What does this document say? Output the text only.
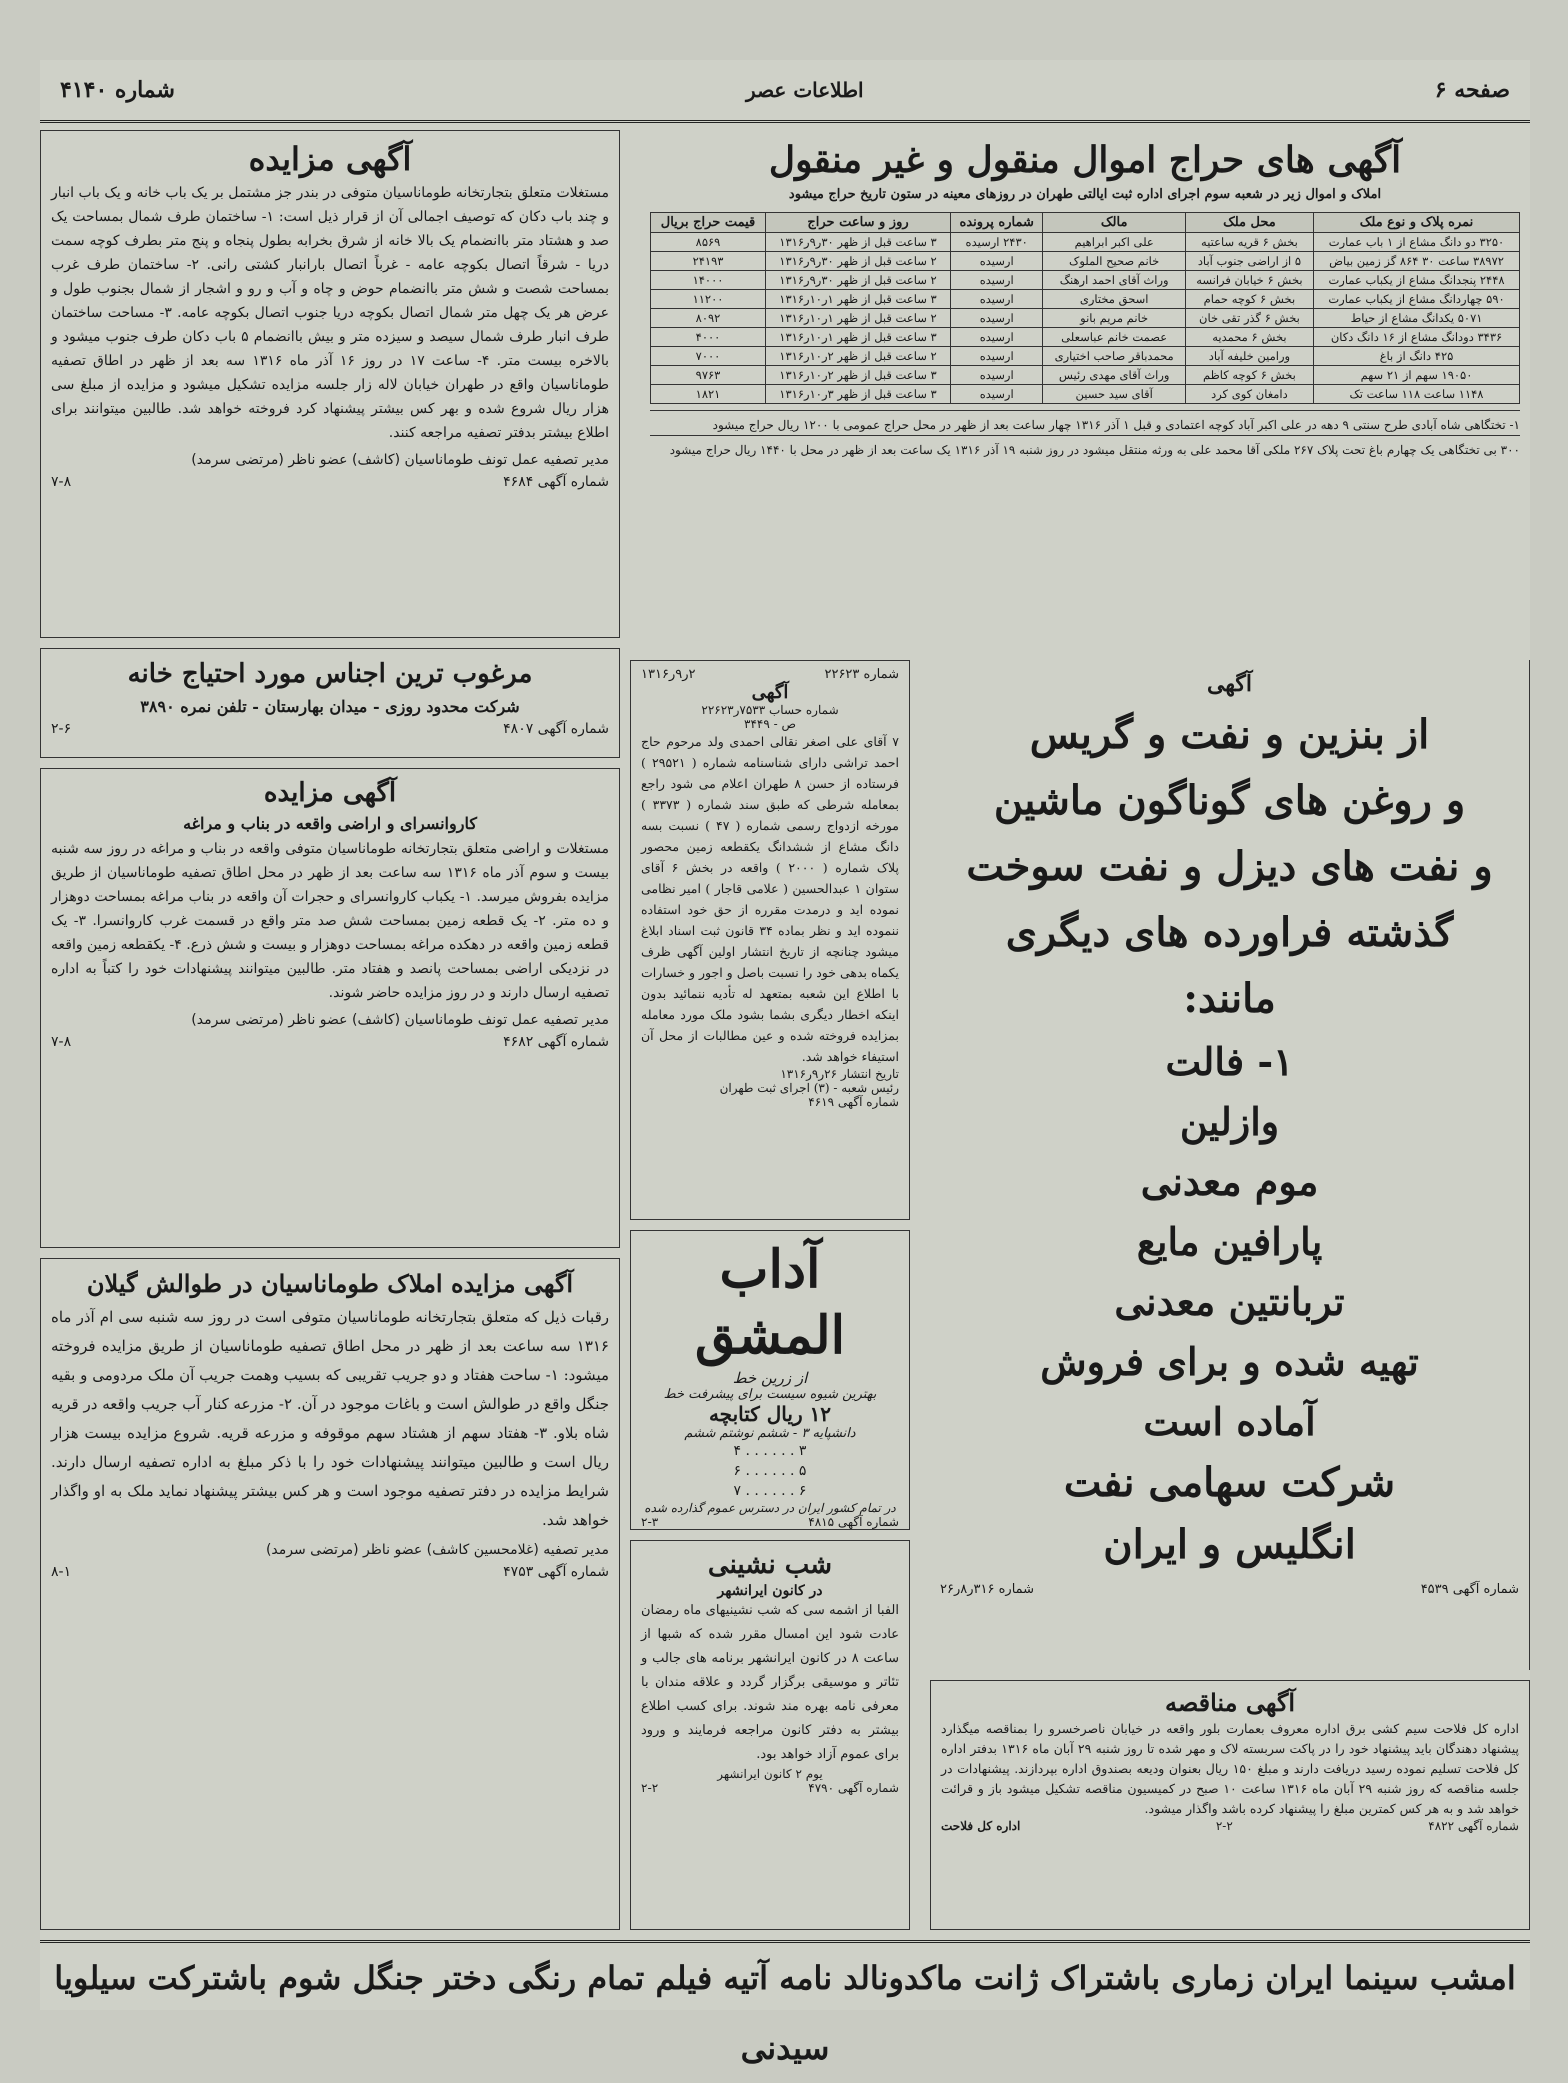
صفحه ۶
اطلاعات عصر
شماره ۴۱۴۰
آگهی های حراج اموال منقول و غیر منقول
املاک و اموال زیر در شعبه سوم اجرای اداره ثبت ایالتی طهران در روزهای معینه در ستون تاریخ حراج میشود
نمره پلاک و نوع ملک	محل ملک	مالک	شماره پرونده	روز و ساعت حراج	قیمت حراج بریال
۳۲۵۰ دو دانگ مشاع از ۱ باب عمارت	بخش ۶ قریه ساعتیه	علی اکبر ابراهیم	۲۴۳۰ ارسیده	۳ ساعت قبل از ظهر ۳۰ر۹ر۱۳۱۶	۸۵۶۹
۳۸۹۷۲ ساعت ۳۰ ۸۶۴ گز زمین بیاض	۵ از اراضی جنوب آباد	خانم صحیح الملوک	ارسیده	۲ ساعت قبل از ظهر ۳۰ر۹ر۱۳۱۶	۲۴۱۹۳
۲۴۴۸ پنجدانگ مشاع از یکباب عمارت	بخش ۶ خیابان فرانسه	وراث آقای احمد ارهنگ	ارسیده	۲ ساعت قبل از ظهر ۳۰ر۹ر۱۳۱۶	۱۴۰۰۰
۵۹۰ چهاردانگ مشاع از یکباب عمارت	بخش ۶ کوچه حمام	اسحق مختاری	ارسیده	۳ ساعت قبل از ظهر ۱ر۱۰ر۱۳۱۶	۱۱۲۰۰
۵۰۷۱ یکدانگ مشاع از حیاط	بخش ۶ گذر تقی خان	خانم مریم بانو	ارسیده	۲ ساعت قبل از ظهر ۱ر۱۰ر۱۳۱۶	۸۰۹۲
۳۴۳۶ دودانگ مشاع از ۱۶ دانگ دکان	بخش ۶ محمدیه	عصمت خانم عباسعلی	ارسیده	۳ ساعت قبل از ظهر ۱ر۱۰ر۱۳۱۶	۴۰۰۰
۴۲۵ دانگ از باغ	ورامین خلیفه آباد	محمدباقر صاحب اختیاری	ارسیده	۲ ساعت قبل از ظهر ۲ر۱۰ر۱۳۱۶	۷۰۰۰
۱۹۰۵۰ سهم از ۲۱ سهم	بخش ۶ کوچه کاظم	وراث آقای مهدی رئیس	ارسیده	۳ ساعت قبل از ظهر ۲ر۱۰ر۱۳۱۶	۹۷۶۳
۱۱۴۸ ساعت ۱۱۸ ساعت تک	دامغان کوی کرد	آقای سید حسین	ارسیده	۳ ساعت قبل از ظهر ۳ر۱۰ر۱۳۱۶	۱۸۲۱
۱- تختگاهی شاه آبادی طرح سنتی ۹ دهه در علی اکبر آباد کوچه اعتمادی و قبل ۱ آذر ۱۳۱۶ چهار ساعت بعد از ظهر در محل حراج عمومی با ۱۲۰۰ ریال حراج میشود
۳۰۰ بی تختگاهی یک چهارم باغ تحت پلاک ۲۶۷ ملکی آقا محمد علی به ورثه منتقل میشود در روز شنبه ۱۹ آذر ۱۳۱۶ یک ساعت بعد از ظهر در محل با ۱۴۴۰ ریال حراج میشود
آگهی مزایده
مستغلات متعلق بتجارتخانه طوماناسیان متوفی در بندر جز مشتمل بر یک باب خانه و یک باب انبار و چند باب دکان که توصیف اجمالی آن از قرار ذیل است: ۱- ساختمان طرف شمال بمساحت یک صد و هشتاد متر باانضمام یک بالا خانه از شرق بخرابه بطول پنجاه و پنج متر بطرف کوچه سمت دریا - شرقاً اتصال بکوچه عامه - غرباً اتصال بارانبار کشتی رانی. ۲- ساختمان طرف غرب بمساحت شصت و شش متر باانضمام حوض و چاه و آب و رو و اشجار از شمال بجنوب طول و عرض هر یک چهل متر شمال اتصال بکوچه دریا جنوب اتصال بکوچه عامه. ۳- مساحت ساختمان طرف انبار طرف شمال سیصد و سیزده متر و بیش باانضمام ۵ باب دکان طرف جنوب میشود و بالاخره بیست متر. ۴- ساعت ۱۷ در روز ۱۶ آذر ماه ۱۳۱۶ سه بعد از ظهر در اطاق تصفیه طوماناسیان واقع در طهران خیابان لاله زار جلسه مزایده تشکیل میشود و مزایده از مبلغ سی هزار ریال شروع شده و بهر کس بیشتر پیشنهاد کرد فروخته خواهد شد. طالبین میتوانند برای اطلاع بیشتر بدفتر تصفیه مراجعه کنند.
مدیر تصفیه عمل تونف طوماناسیان (کاشف) عضو ناظر (مرتضی سرمد)
شماره آگهی ۴۶۸۴
۷-۸
مرغوب ترین اجناس مورد احتیاج خانه
شرکت محدود روزی - میدان بهارستان - تلفن نمره ۳۸۹۰
شماره آگهی ۴۸۰۷
۲-۶
آگهی مزایده
کاروانسرای و اراضی واقعه در بناب و مراغه
مستغلات و اراضی متعلق بتجارتخانه طوماناسیان متوفی واقعه در بناب و مراغه در روز سه شنبه بیست و سوم آذر ماه ۱۳۱۶ سه ساعت بعد از ظهر در محل اطاق تصفیه طوماناسیان از طریق مزایده بفروش میرسد. ۱- یکباب کاروانسرای و حجرات آن واقعه در بناب مراغه بمساحت دوهزار و ده متر. ۲- یک قطعه زمین بمساحت شش صد متر واقع در قسمت غرب کاروانسرا. ۳- یک قطعه زمین واقعه در دهکده مراغه بمساحت دوهزار و بیست و شش ذرع. ۴- یکقطعه زمین واقعه در نزدیکی اراضی بمساحت پانصد و هفتاد متر. طالبین میتوانند پیشنهادات خود را کتباً به اداره تصفیه ارسال دارند و در روز مزایده حاضر شوند.
مدیر تصفیه عمل تونف طوماناسیان (کاشف) عضو ناظر (مرتضی سرمد)
شماره آگهی ۴۶۸۲
۷-۸
آگهی مزایده املاک طوماناسیان در طوالش گیلان
رقبات ذیل که متعلق بتجارتخانه طوماناسیان متوفی است در روز سه شنبه سی ام آذر ماه ۱۳۱۶ سه ساعت بعد از ظهر در محل اطاق تصفیه طوماناسیان از طریق مزایده فروخته میشود: ۱- ساحت هفتاد و دو جریب تقریبی که بسیب وهمت جریب آن ملک مردومی و بقیه جنگل واقع در طوالش است و باغات موجود در آن. ۲- مزرعه کنار آب جریب واقعه در قریه شاه بلاو. ۳- هفتاد سهم از هشتاد سهم موقوفه و مزرعه قریه. شروع مزایده بیست هزار ریال است و طالبین میتوانند پیشنهادات خود را با ذکر مبلغ به اداره تصفیه ارسال دارند. شرایط مزایده در دفتر تصفیه موجود است و هر کس بیشتر پیشنهاد نماید ملک به او واگذار خواهد شد.
مدیر تصفیه (غلامحسین کاشف) عضو ناظر (مرتضی سرمد)
شماره آگهی ۴۷۵۳
۸-۱
شماره ۲۲۶۲۳
۲ر۹ر۱۳۱۶
آگهی
شماره حساب ۷۵۳۳ر۲۲۶۲۳
ص - ۳۴۴۹
۷ آقای علی اصغر نقالی احمدی ولد مرحوم حاج احمد تراشی دارای شناسنامه شماره ( ۲۹۵۲۱ ) فرستاده از حسن ۸ طهران اعلام می شود راجع بمعامله شرطی که طبق سند شماره ( ۳۳۷۳ ) مورخه ازدواج رسمی شماره ( ۴۷ ) نسبت بسه دانگ مشاع از ششدانگ یکقطعه زمین محصور پلاک شماره ( ۲۰۰۰ ) واقعه در بخش ۶ آقای ستوان ۱ عبدالحسین ( علامی قاجار ) امیر نظامی نموده اید و درمدت مقرره از حق خود استفاده ننموده اید و نظر بماده ۳۴ قانون ثبت اسناد ابلاغ میشود چنانچه از تاریخ انتشار اولین آگهی ظرف یکماه بدهی خود را نسبت باصل و اجور و خسارات با اطلاع این شعبه بمتعهد له تأدیه ننمائید بدون اینکه اخطار دیگری بشما بشود ملک مورد معامله بمزایده فروخته شده و عین مطالبات از محل آن استیفاء خواهد شد.
تاریخ انتشار ۲۶ر۹ر۱۳۱۶
رئیس شعبه - (۳) اجرای ثبت طهران
شماره آگهی ۴۶۱۹
آداب المشق
از زرین خط
بهترین شیوه سیست برای پیشرفت خط
۱۲ ریال کتابچه
دانشپایه ۳ - ششم نوشتم ششم
۳ . . . . . . ۴
۵ . . . . . . ۶
۶ . . . . . . ۷
در تمام کشور ایران در دسترس عموم گذارده شده
شماره آگهی ۴۸۱۵
۲-۳
شب نشینی
در کانون ایرانشهر
الفبا از اشمه سی که شب نشینیهای ماه رمضان عادت شود این امسال مقرر شده که شبها از ساعت ۸ در کانون ایرانشهر برنامه های جالب و تئاتر و موسیقی برگزار گردد و علاقه مندان با معرفی نامه بهره مند شوند. برای کسب اطلاع بیشتر به دفتر کانون مراجعه فرمایند و ورود برای عموم آزاد خواهد بود.
یوم ۲ کانون ایرانشهر
شماره آگهی ۴۷۹۰
۲-۲
آگهی
از بنزین و نفت و گریس
و روغن های گوناگون ماشین
و نفت های دیزل و نفت سوخت
گذشته فراورده های دیگری
مانند:
۱- فالت
وازلین
موم معدنی
پارافین مایع
تربانتین معدنی
تهیه شده و برای فروش
آماده است
شرکت سهامی نفت
انگلیس و ایران
شماره آگهی ۴۵۳۹
شماره ۳۱۶ر۸ر۲۶
آگهی مناقصه
اداره کل فلاحت سیم کشی برق اداره معروف بعمارت بلور واقعه در خیابان ناصرخسرو را بمناقصه میگذارد پیشنهاد دهندگان باید پیشنهاد خود را در پاکت سربسته لاک و مهر شده تا روز شنبه ۲۹ آبان ماه ۱۳۱۶ بدفتر اداره کل فلاحت تسلیم نموده رسید دریافت دارند و مبلغ ۱۵۰ ریال بعنوان ودیعه بصندوق اداره بپردازند. پیشنهادات در جلسه مناقصه که روز شنبه ۲۹ آبان ماه ۱۳۱۶ ساعت ۱۰ صبح در کمیسیون مناقصه تشکیل میشود باز و قرائت خواهد شد و به هر کس کمترین مبلغ را پیشنهاد کرده باشد واگذار میشود.
شماره آگهی ۴۸۲۲
۲-۲
اداره کل فلاحت
امشب سینما ایران زماری باشتراک ژانت ماکدونالد نامه آتیه فیلم تمام رنگی دختر جنگل شوم باشترکت سیلویا سیدنی
